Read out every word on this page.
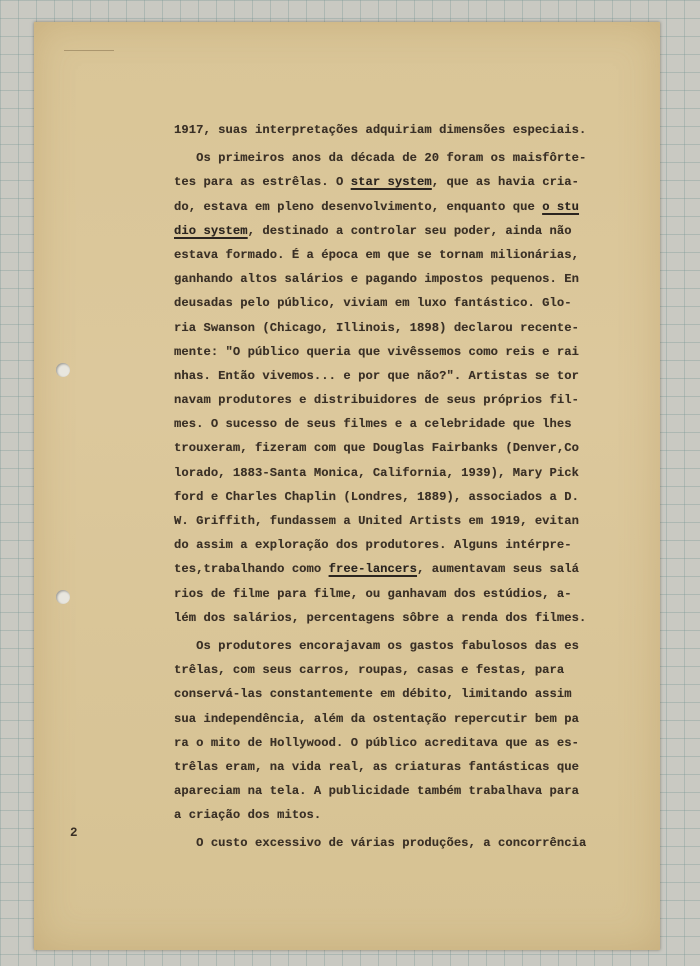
1917, suas interpretações adquiriam dimensões especiais.
Os primeiros anos da década de 20 foram os maisfôrte-
tes para as estrêlas. O star system, que as havia cria-
do, estava em pleno desenvolvimento, enquanto que o stu
dio system, destinado a controlar seu poder, ainda não
estava formado. É a época em que se tornam milionárias,
ganhando altos salários e pagando impostos pequenos. En
deusadas pelo público, viviam em luxo fantástico. Glo-
ria Swanson (Chicago, Illinois, 1898) declarou recente-
mente: "O público queria que vivêssemos como reis e rai
nhas. Então vivemos... e por que não?". Artistas se tor
navam produtores e distribuidores de seus próprios fil-
mes. O sucesso de seus filmes e a celebridade que lhes
trouxeram, fizeram com que Douglas Fairbanks (Denver,Co
lorado, 1883-Santa Monica, California, 1939), Mary Pick
ford e Charles Chaplin (Londres, 1889), associados a D.
W. Griffith, fundassem a United Artists em 1919, evitan
do assim a exploração dos produtores. Alguns intérpre-
tes,trabalhando como free-lancers, aumentavam seus salá
rios de filme para filme, ou ganhavam dos estúdios, a-
lém dos salários, percentagens sôbre a renda dos filmes.
Os produtores encorajavam os gastos fabulosos das es
trêlas, com seus carros, roupas, casas e festas, para
conservá-las constantemente em débito, limitando assim
sua independência, além da ostentação repercutir bem pa
ra o mito de Hollywood. O público acreditava que as es-
trêlas eram, na vida real, as criaturas fantásticas que
apareciam na tela. A publicidade também trabalhava para
a criação dos mitos.
O custo excessivo de várias produções, a concorrência
2
